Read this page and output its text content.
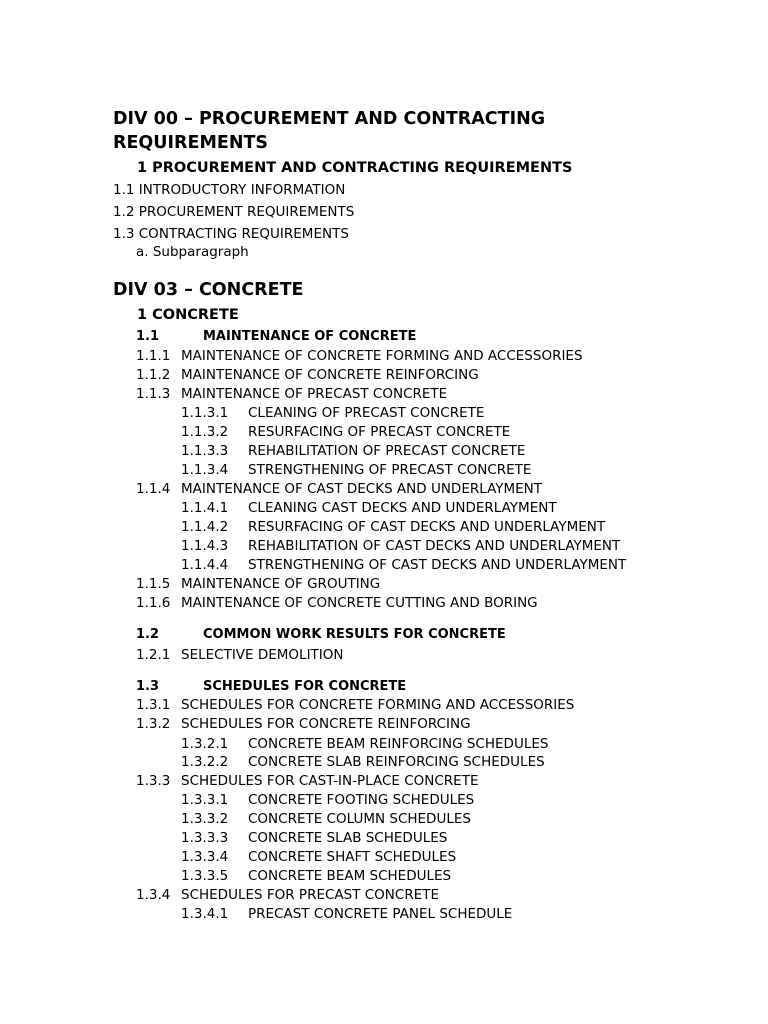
DIV 00 – PROCUREMENT AND CONTRACTING REQUIREMENTS
1 PROCUREMENT AND CONTRACTING REQUIREMENTS
1.1 INTRODUCTORY INFORMATION
1.2 PROCUREMENT REQUIREMENTS
1.3 CONTRACTING REQUIREMENTS
a. Subparagraph
DIV 03 – CONCRETE
1 CONCRETE
1.1	MAINTENANCE OF CONCRETE
1.1.1 MAINTENANCE OF CONCRETE FORMING AND ACCESSORIES
1.1.2 MAINTENANCE OF CONCRETE REINFORCING
1.1.3 MAINTENANCE OF PRECAST CONCRETE
1.1.3.1 CLEANING OF PRECAST CONCRETE
1.1.3.2 RESURFACING OF PRECAST CONCRETE
1.1.3.3 REHABILITATION OF PRECAST CONCRETE
1.1.3.4 STRENGTHENING OF PRECAST CONCRETE
1.1.4 MAINTENANCE OF CAST DECKS AND UNDERLAYMENT
1.1.4.1 CLEANING CAST DECKS AND UNDERLAYMENT
1.1.4.2 RESURFACING OF CAST DECKS AND UNDERLAYMENT
1.1.4.3 REHABILITATION OF CAST DECKS AND UNDERLAYMENT
1.1.4.4 STRENGTHENING OF CAST DECKS AND UNDERLAYMENT
1.1.5 MAINTENANCE OF GROUTING
1.1.6 MAINTENANCE OF CONCRETE CUTTING AND BORING
1.2	COMMON WORK RESULTS FOR CONCRETE
1.2.1 SELECTIVE DEMOLITION
1.3	SCHEDULES FOR CONCRETE
1.3.1 SCHEDULES FOR CONCRETE FORMING AND ACCESSORIES
1.3.2 SCHEDULES FOR CONCRETE REINFORCING
1.3.2.1 CONCRETE BEAM REINFORCING SCHEDULES
1.3.2.2 CONCRETE SLAB REINFORCING SCHEDULES
1.3.3 SCHEDULES FOR CAST-IN-PLACE CONCRETE
1.3.3.1 CONCRETE FOOTING SCHEDULES
1.3.3.2 CONCRETE COLUMN SCHEDULES
1.3.3.3 CONCRETE SLAB SCHEDULES
1.3.3.4 CONCRETE SHAFT SCHEDULES
1.3.3.5 CONCRETE BEAM SCHEDULES
1.3.4 SCHEDULES FOR PRECAST CONCRETE
1.3.4.1 PRECAST CONCRETE PANEL SCHEDULE
